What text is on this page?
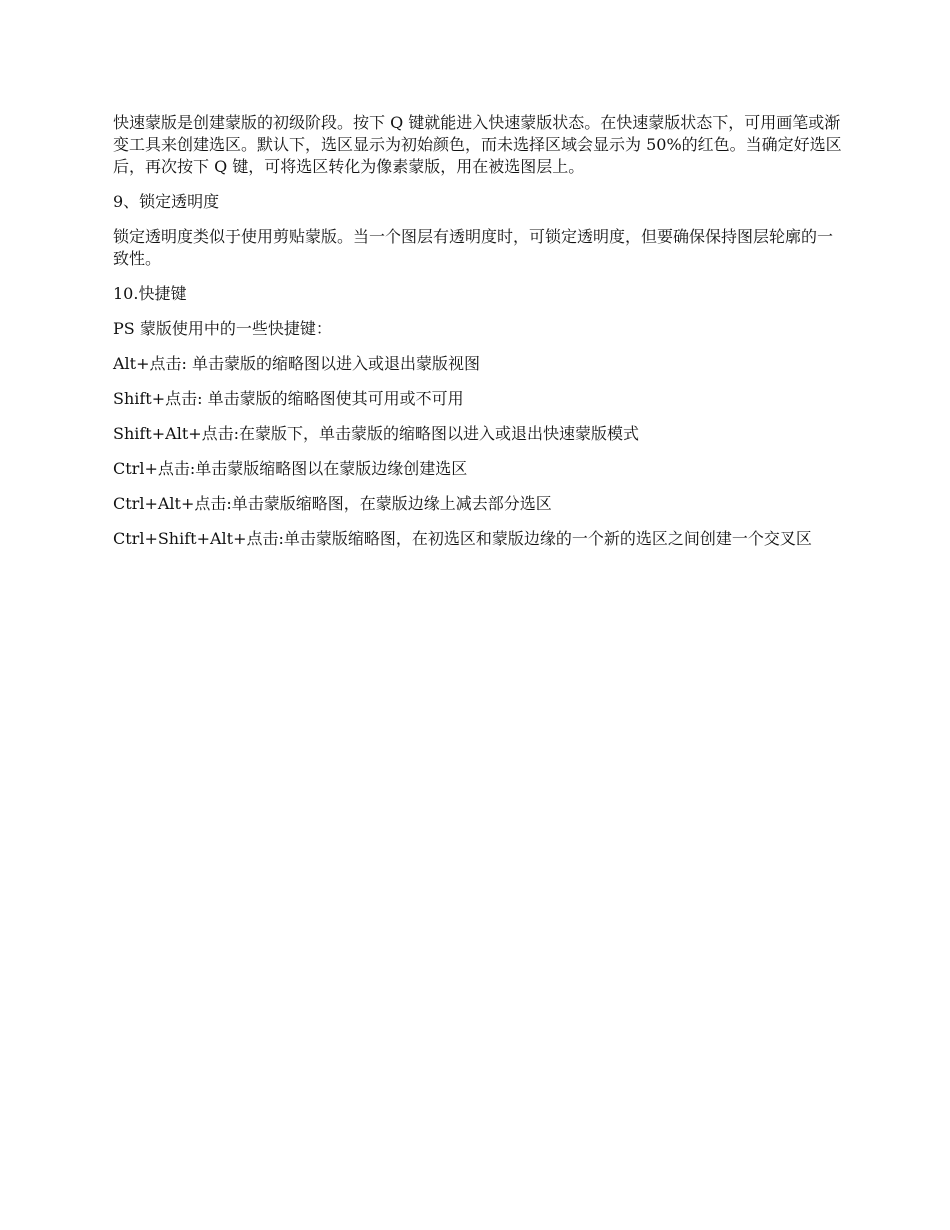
快速蒙版是创建蒙版的初级阶段。按下 Q 键就能进入快速蒙版状态。在快速蒙版状态下，可用画笔或渐变工具来创建选区。默认下，选区显示为初始颜色，而未选择区域会显示为 50%的红色。当确定好选区后，再次按下 Q 键，可将选区转化为像素蒙版，用在被选图层上。

9、锁定透明度

锁定透明度类似于使用剪贴蒙版。当一个图层有透明度时，可锁定透明度，但要确保保持图层轮廓的一致性。

10.快捷键

PS 蒙版使用中的一些快捷键：

Alt+点击: 单击蒙版的缩略图以进入或退出蒙版视图

Shift+点击: 单击蒙版的缩略图使其可用或不可用

Shift+Alt+点击:在蒙版下，单击蒙版的缩略图以进入或退出快速蒙版模式

Ctrl+点击:单击蒙版缩略图以在蒙版边缘创建选区

Ctrl+Alt+点击:单击蒙版缩略图，在蒙版边缘上减去部分选区

Ctrl+Shift+Alt+点击:单击蒙版缩略图，在初选区和蒙版边缘的一个新的选区之间创建一个交叉区
